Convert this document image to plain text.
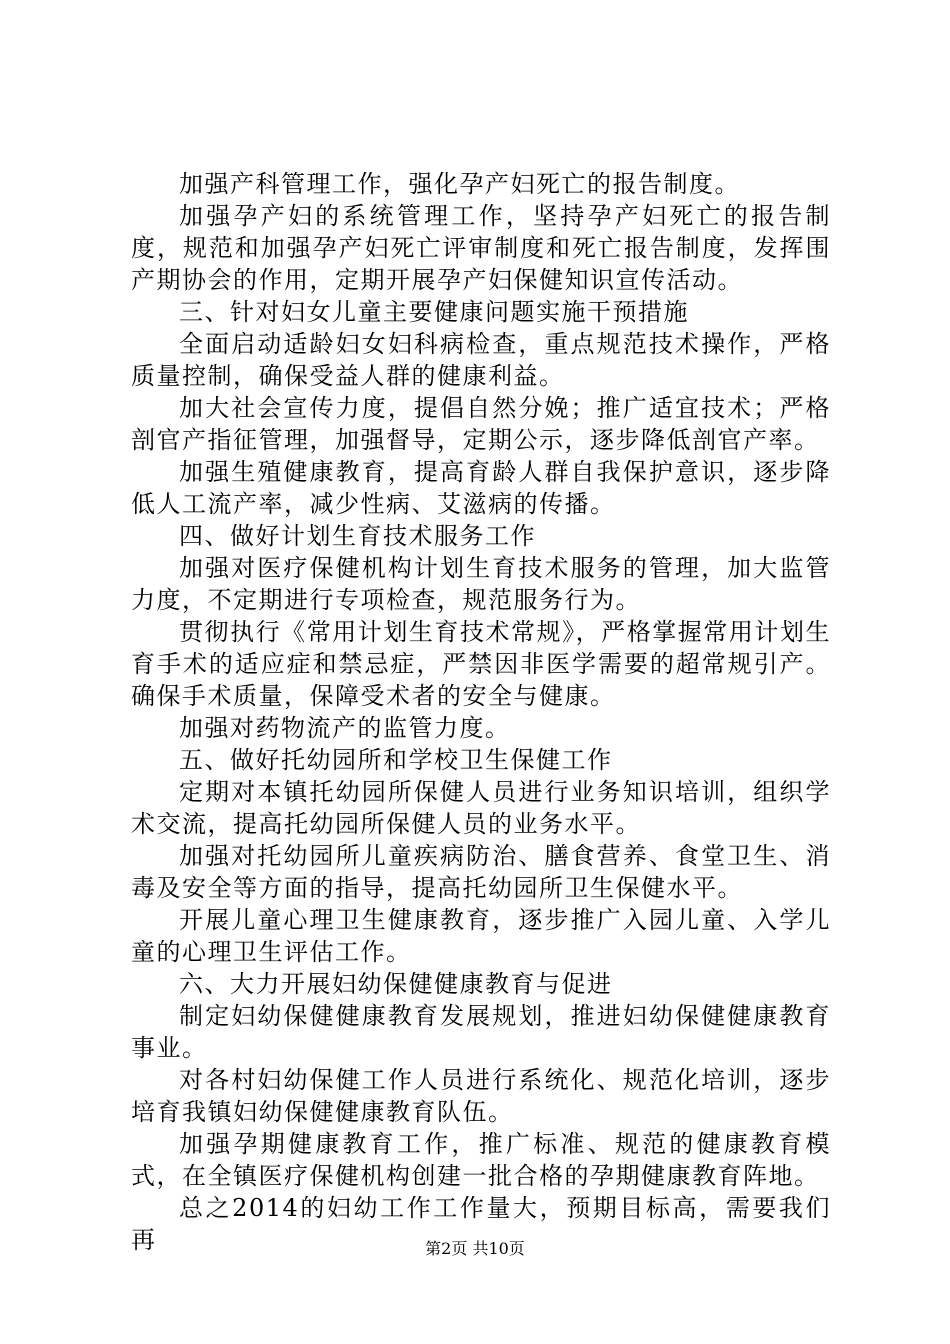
加强产科管理工作，强化孕产妇死亡的报告制度。

加强孕产妇的系统管理工作，坚持孕产妇死亡的报告制度，规范和加强孕产妇死亡评审制度和死亡报告制度，发挥围产期协会的作用，定期开展孕产妇保健知识宣传活动。

三、针对妇女儿童主要健康问题实施干预措施

全面启动适龄妇女妇科病检查，重点规范技术操作，严格质量控制，确保受益人群的健康利益。

加大社会宣传力度，提倡自然分娩；推广适宜技术；严格剖官产指征管理，加强督导，定期公示，逐步降低剖官产率。

加强生殖健康教育，提高育龄人群自我保护意识，逐步降低人工流产率，减少性病、艾滋病的传播。

四、做好计划生育技术服务工作

加强对医疗保健机构计划生育技术服务的管理，加大监管力度，不定期进行专项检查，规范服务行为。

贯彻执行《常用计划生育技术常规》，严格掌握常用计划生育手术的适应症和禁忌症，严禁因非医学需要的超常规引产。确保手术质量，保障受术者的安全与健康。

加强对药物流产的监管力度。

五、做好托幼园所和学校卫生保健工作

定期对本镇托幼园所保健人员进行业务知识培训，组织学术交流，提高托幼园所保健人员的业务水平。

加强对托幼园所儿童疾病防治、膳食营养、食堂卫生、消毒及安全等方面的指导，提高托幼园所卫生保健水平。

开展儿童心理卫生健康教育，逐步推广入园儿童、入学儿童的心理卫生评估工作。

六、大力开展妇幼保健健康教育与促进

制定妇幼保健健康教育发展规划，推进妇幼保健健康教育事业。

对各村妇幼保健工作人员进行系统化、规范化培训，逐步培育我镇妇幼保健健康教育队伍。

加强孕期健康教育工作，推广标准、规范的健康教育模式，在全镇医疗保健机构创建一批合格的孕期健康教育阵地。

总之2014的妇幼工作工作量大，预期目标高，需要我们再	第2页 共10页
